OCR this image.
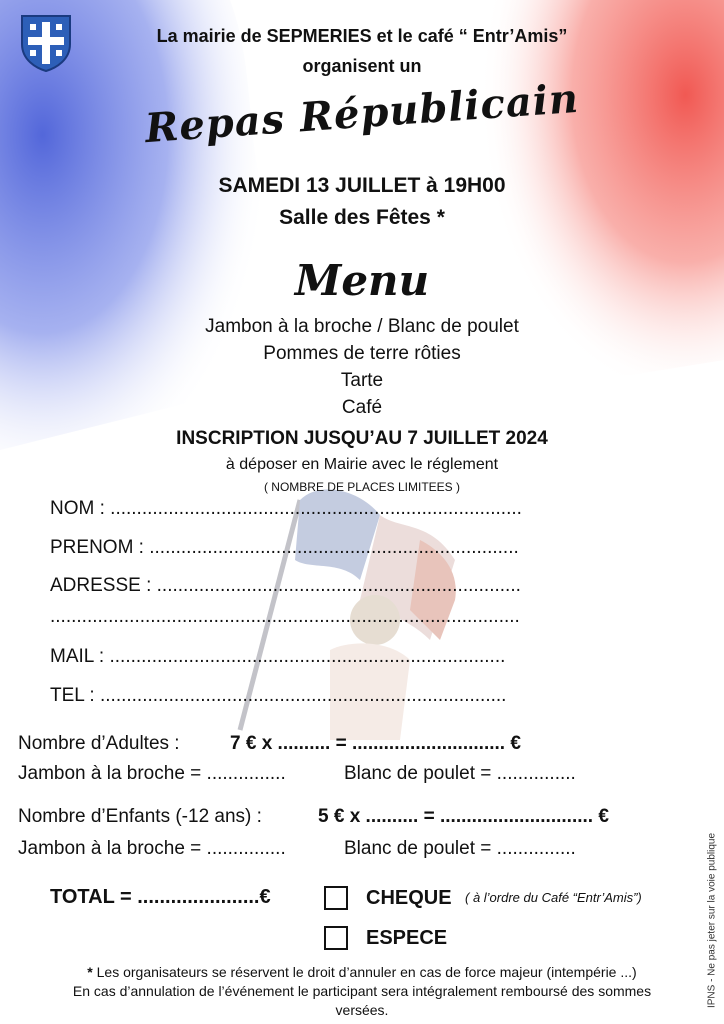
La mairie de SEPMERIES et le café “ Entr’Amis”
organisent un
Repas Républicain
SAMEDI 13 JUILLET à 19H00
Salle des Fêtes *
Menu
Jambon à la broche / Blanc de poulet
Pommes de terre rôties
Tarte
Café
INSCRIPTION JUSQU’AU 7 JUILLET 2024
à déposer en Mairie avec le réglement
( NOMBRE DE PLACES LIMITEES )
NOM : ..............................................................................
PRENOM : ......................................................................
ADRESSE : .....................................................................
.........................................................................................
MAIL : ...........................................................................
TEL : .............................................................................
Nombre d’Adultes :	7 € x .......... = ............................. €
Jambon à la broche = ...............	Blanc de poulet = ...............
Nombre d’Enfants (-12 ans) :	5 € x .......... = ............................. €
Jambon à la broche = ...............	Blanc de poulet = ...............
TOTAL = ......................€	CHEQUE ( à l’ordre du Café “Entr’Amis”)
ESPECE
* Les organisateurs se réservent le droit d’annuler en cas de force majeur (intempérie ...)
En cas d’annulation de l’événement le participant sera intégralement remboursé des sommes
versées.
IPNS - Ne pas jeter sur la voie publique
